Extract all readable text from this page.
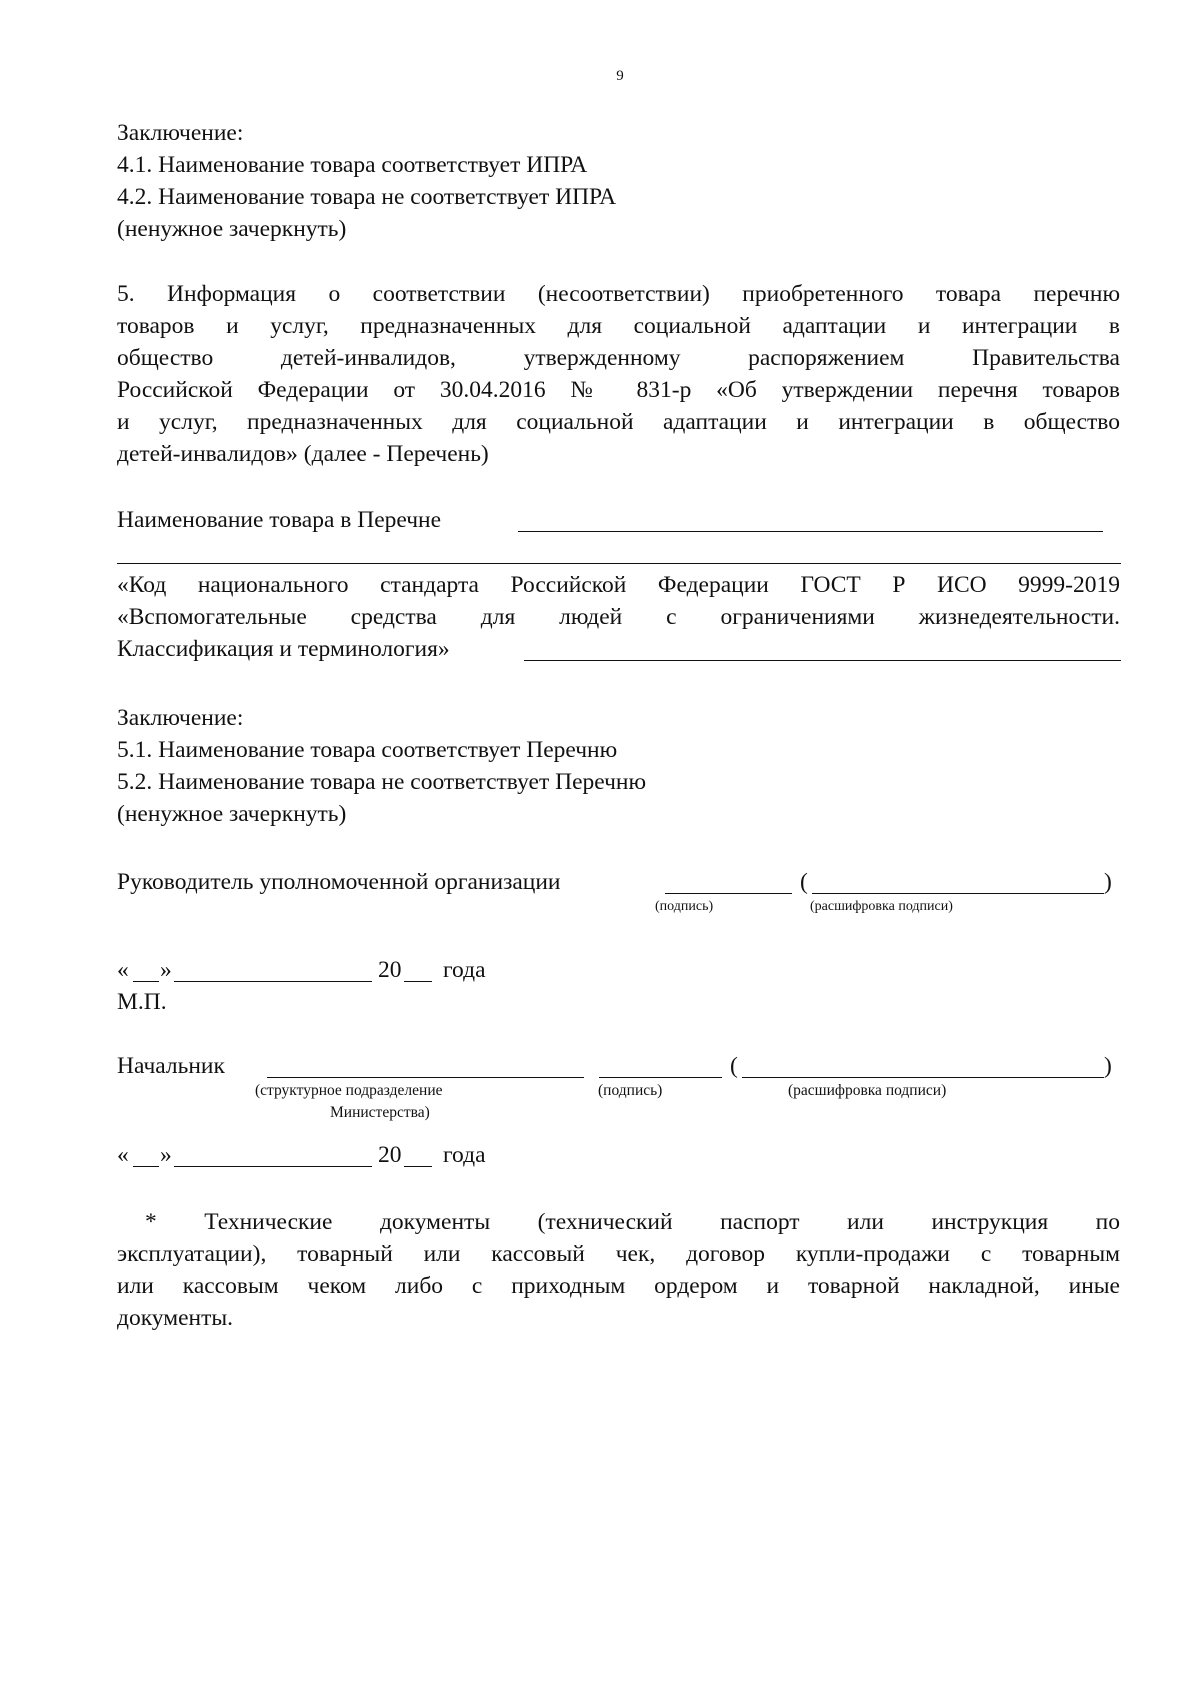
9
Заключение:
4.1. Наименование товара соответствует ИПРА
4.2. Наименование товара не соответствует ИПРА
(ненужное зачеркнуть)
5. Информация о соответствии (несоответствии) приобретенного товара перечню
товаров и услуг, предназначенных для социальной адаптации и интеграции в
общество детей-инвалидов, утвержденному распоряжением Правительства
Российской Федерации от 30.04.2016 № 831-р «Об утверждении перечня товаров
и услуг, предназначенных для социальной адаптации и интеграции в общество
детей-инвалидов» (далее - Перечень)
Наименование товара в Перечне
«Код национального стандарта Российской Федерации ГОСТ Р ИСО 9999-2019
«Вспомогательные средства для людей с ограничениями жизнедеятельности.
Классификация и терминология»
Заключение:
5.1. Наименование товара соответствует Перечню
5.2. Наименование товара не соответствует Перечню
(ненужное зачеркнуть)
Руководитель уполномоченной организации	(	)
(подпись)	(расшифровка подписи)
« »	20 года
М.П.
Начальник	(	)
(структурное подразделение
Министерства)
(подпись)	(расшифровка подписи)
« »	20 года
* Технические документы (технический паспорт или инструкция по
эксплуатации), товарный или кассовый чек, договор купли-продажи с товарным
или кассовым чеком либо с приходным ордером и товарной накладной, иные
документы.
